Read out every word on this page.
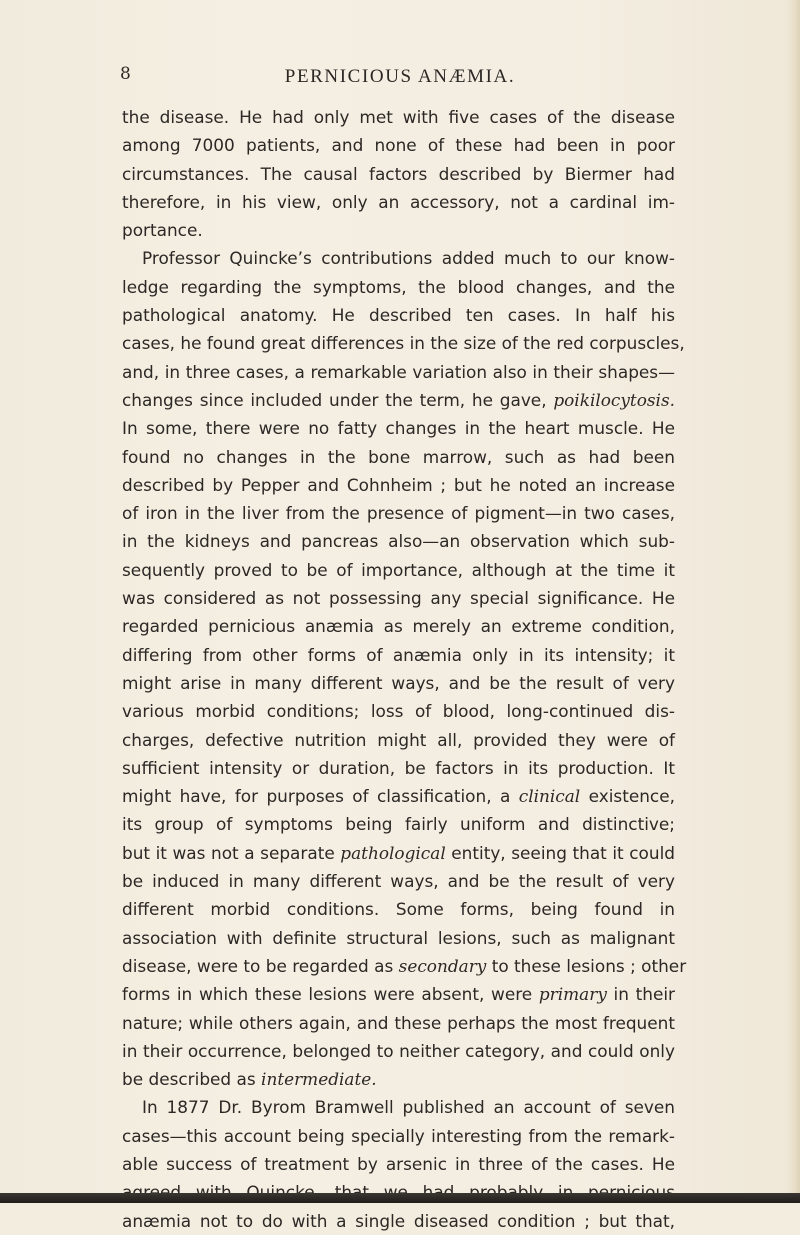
8	PERNICIOUS ANÆMIA.
the disease. He had only met with five cases of the disease
among 7000 patients, and none of these had been in poor
circumstances. The causal factors described by Biermer had
therefore, in his view, only an accessory, not a cardinal im-
portance.
Professor Quincke’s contributions added much to our know-
ledge regarding the symptoms, the blood changes, and the
pathological anatomy. He described ten cases. In half his
cases, he found great differences in the size of the red corpuscles,
and, in three cases, a remarkable variation also in their shapes—
changes since included under the term, he gave, poikilocytosis.
In some, there were no fatty changes in the heart muscle. He
found no changes in the bone marrow, such as had been
described by Pepper and Cohnheim ; but he noted an increase
of iron in the liver from the presence of pigment—in two cases,
in the kidneys and pancreas also—an observation which sub-
sequently proved to be of importance, although at the time it
was considered as not possessing any special significance. He
regarded pernicious anæmia as merely an extreme condition,
differing from other forms of anæmia only in its intensity; it
might arise in many different ways, and be the result of very
various morbid conditions; loss of blood, long-continued dis-
charges, defective nutrition might all, provided they were of
sufficient intensity or duration, be factors in its production. It
might have, for purposes of classification, a clinical existence,
its group of symptoms being fairly uniform and distinctive;
but it was not a separate pathological entity, seeing that it could
be induced in many different ways, and be the result of very
different morbid conditions. Some forms, being found in
association with definite structural lesions, such as malignant
disease, were to be regarded as secondary to these lesions ; other
forms in which these lesions were absent, were primary in their
nature; while others again, and these perhaps the most frequent
in their occurrence, belonged to neither category, and could only
be described as intermediate.
In 1877 Dr. Byrom Bramwell published an account of seven
cases—this account being specially interesting from the remark-
able success of treatment by arsenic in three of the cases. He
anæmia not to do with a single diseased condition ; but that,
